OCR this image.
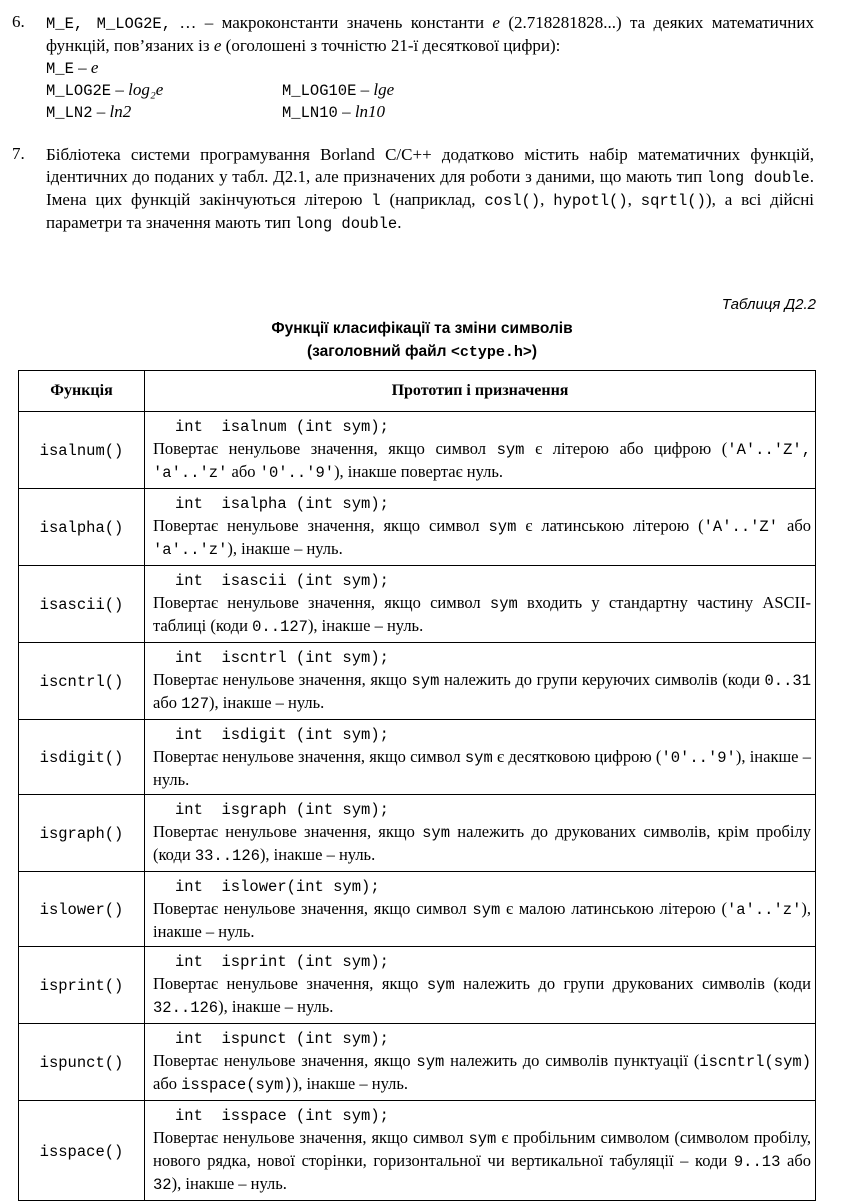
6. M_E, M_LOG2E, … – макроконстанти значень константи e (2.718281828...) та деяких математичних функцій, пов’язаних із e (оголошені з точністю 21-ї десяткової цифри):
M_E – e
M_LOG2E – log₂e	M_LOG10E – lge
M_LN2 – ln2	M_LN10 – ln10
7. Бібліотека системи програмування Borland C/C++ додатково містить набір математичних функцій, ідентичних до поданих у табл. Д2.1, але призначених для роботи з даними, що мають тип long double. Імена цих функцій закінчуються літерою l (наприклад, cosl(), hypotl(), sqrtl()), а всі дійсні параметри та значення мають тип long double.
Таблиця Д2.2
Функції класифікації та зміни символів
(заголовний файл <ctype.h>)
Функція	Прототип і призначення
isalnum()	int  isalnum (int sym);
Повертає ненульове значення, якщо символ sym є літерою або цифрою ('A'..'Z', 'a'..'z' або '0'..'9'), інакше повертає нуль.

isalpha()	int  isalpha (int sym);
Повертає ненульове значення, якщо символ sym є латинською літерою ('A'..'Z' або 'a'..'z'), інакше – нуль.

isascii()	int  isascii (int sym);
Повертає ненульове значення, якщо символ sym входить у стандартну частину ASCII-таблиці (коди 0..127), інакше – нуль.

iscntrl()	int  iscntrl (int sym);
Повертає ненульове значення, якщо sym належить до групи керуючих символів (коди 0..31 або 127), інакше – нуль.

isdigit()	int  isdigit (int sym);
Повертає ненульове значення, якщо символ sym є десятковою цифрою ('0'..'9'), інакше – нуль.

isgraph()	int  isgraph (int sym);
Повертає ненульове значення, якщо sym належить до друкованих символів, крім пробілу (коди 33..126), інакше – нуль.

islower()	int  islower(int sym);
Повертає ненульове значення, якщо символ sym є малою латинською літерою ('a'..'z'), інакше – нуль.

isprint()	int  isprint (int sym);
Повертає ненульове значення, якщо sym належить до групи друкованих символів (коди 32..126), інакше – нуль.

ispunct()	int  ispunct (int sym);
Повертає ненульове значення, якщо sym належить до символів пунктуації (iscntrl(sym) або isspace(sym)), інакше – нуль.

isspace()	int  isspace (int sym);
Повертає ненульове значення, якщо символ sym є пробільним символом (символом пробілу, нового рядка, нової сторінки, горизонтальної чи вертикальної табуляції – коди 9..13 або 32), інакше – нуль.
